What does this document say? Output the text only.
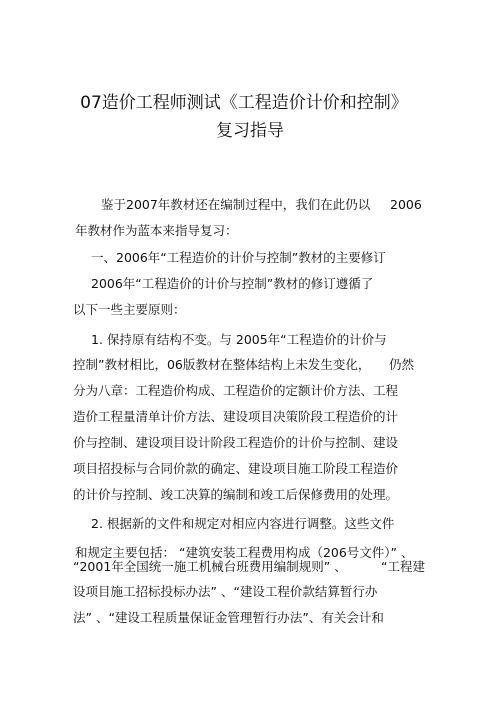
07造价工程师测试《工程造价计价和控制》
复习指导
鉴于2007年教材还在编制过程中，我们在此仍以 2006
年教材作为蓝本来指导复习：
一、2006年“工程造价的计价与控制”教材的主要修订
2006年“工程造价的计价与控制”教材的修订遵循了
以下一些主要原则：
1. 保持原有结构不变。与 2005年“工程造价的计价与
控制”教材相比，06版教材在整体结构上未发生变化， 仍然
分为八章：工程造价构成、工程造价的定额计价方法、工程
造价工程量清单计价方法、建设项目决策阶段工程造价的计
价与控制、建设项目设计阶段工程造价的计价与控制、建设
项目招投标与合同价款的确定、建设项目施工阶段工程造价
的计价与控制、竣工决算的编制和竣工后保修费用的处理。
2. 根据新的文件和规定对相应内容进行调整。这些文件
和规定主要包括： “建筑安装工程费用构成（206号文件）” 、
“2001年全国统一施工机械台班费用编制规则” 、	“工程建
设项目施工招标投标办法” 、“建设工程价款结算暂行办
法” 、“建设工程质量保证金管理暂行办法”、有关会计和
